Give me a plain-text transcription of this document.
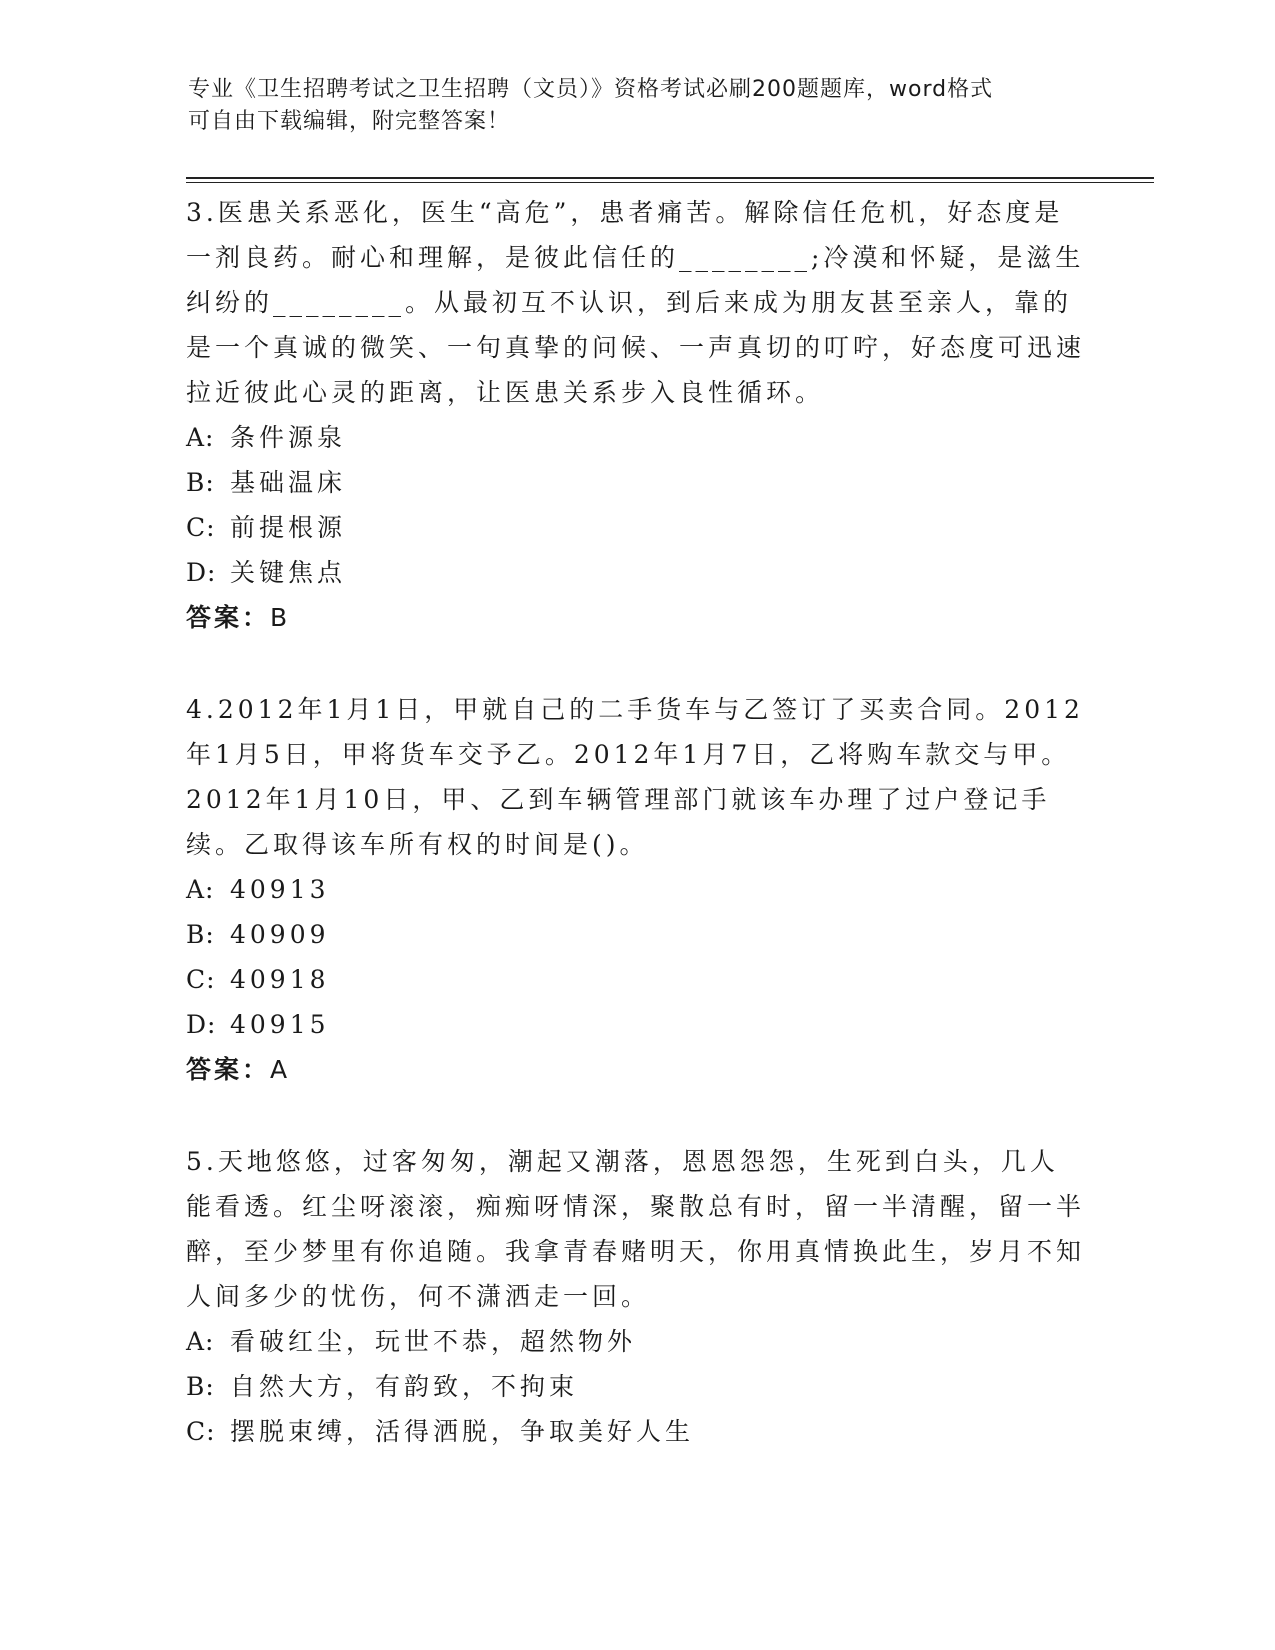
专业《卫生招聘考试之卫生招聘（文员）》资格考试必刷200题题库，word格式
可自由下载编辑，附完整答案！

3.医患关系恶化，医生“高危”，患者痛苦。解除信任危机，好态度是一剂良药。耐心和理解，是彼此信任的________;冷漠和怀疑，是滋生纠纷的________。从最初互不认识，到后来成为朋友甚至亲人，靠的是一个真诚的微笑、一句真挚的问候、一声真切的叮咛，好态度可迅速拉近彼此心灵的距离，让医患关系步入良性循环。

A: 条件源泉

B: 基础温床

C: 前提根源

D: 关键焦点

答案：B

4.2012年1月1日，甲就自己的二手货车与乙签订了买卖合同。2012年1月5日，甲将货车交予乙。2012年1月7日，乙将购车款交与甲。2012年1月10日，甲、乙到车辆管理部门就该车办理了过户登记手续。乙取得该车所有权的时间是()。

A: 40913

B: 40909

C: 40918

D: 40915

答案：A

5.天地悠悠，过客匆匆，潮起又潮落，恩恩怨怨，生死到白头，几人能看透。红尘呀滚滚，痴痴呀情深，聚散总有时，留一半清醒，留一半醉，至少梦里有你追随。我拿青春赌明天，你用真情换此生，岁月不知人间多少的忧伤，何不潇洒走一回。

A: 看破红尘，玩世不恭，超然物外

B: 自然大方，有韵致，不拘束

C: 摆脱束缚，活得洒脱，争取美好人生
